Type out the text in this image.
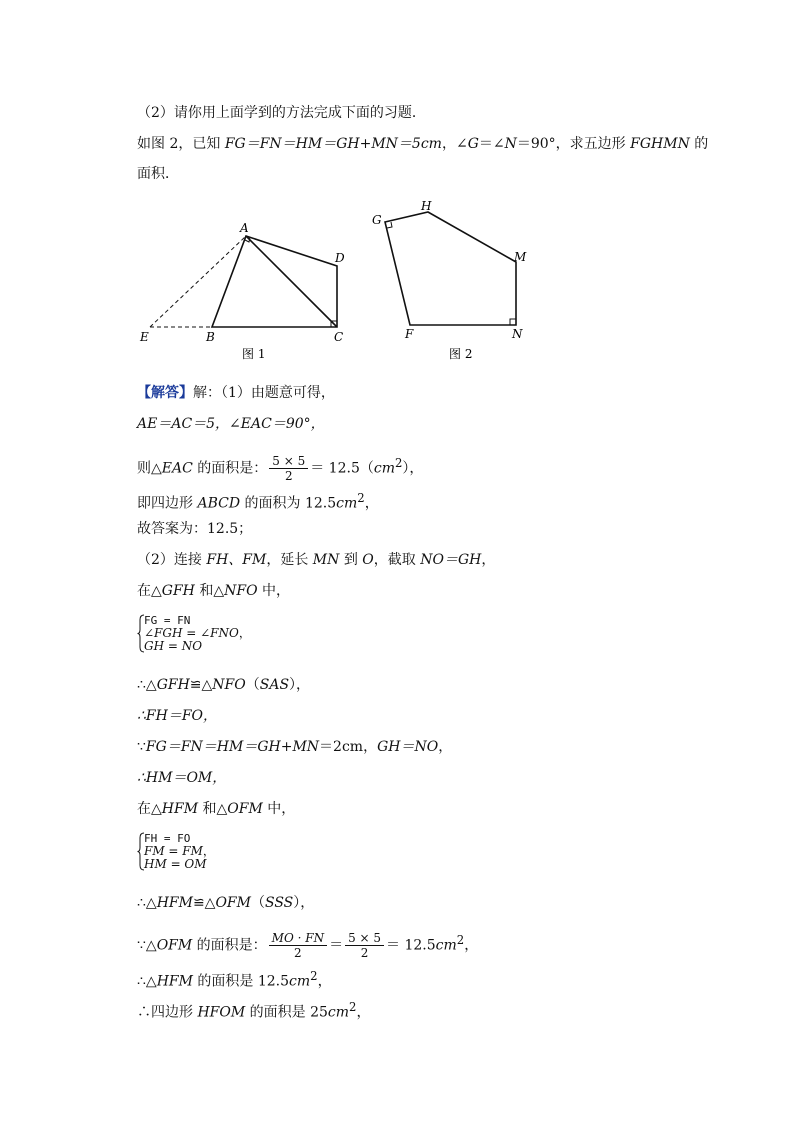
（2）请你用上面学到的方法完成下面的习题．
如图 2，已知 FG＝FN＝HM＝GH+MN＝5cm，∠G＝∠N＝90°，求五边形 FGHMN 的
面积．
A
D
E	B	C
图 1
G
H
M
F	N
图 2
【解答】解：（1）由题意可得，
AE＝AC＝5，∠EAC＝90°，
则△EAC 的面积是： $\frac{5 \times 5}{2} = 12.5(cm^2)$，
即四边形 ABCD 的面积为 $12.5cm^2$，
故答案为：12.5；
（2）连接 FH、FM，延长 MN 到 O，截取 NO＝GH，
在△GFH 和△NFO 中，
FG = FN
∠FGH = ∠FNO，
GH = NO
∴△GFH≌△NFO（SAS），
∴FH＝FO，
∵FG＝FN＝HM＝GH+MN＝2cm，GH＝NO，
∴HM＝OM，
在△HFM 和△OFM 中，
FH = FO
FM = FM，
HM = OM
∴△HFM≌△OFM（SSS），
∵△OFM 的面积是： $\frac{MO \cdot FN}{2} = \frac{5 \times 5}{2} = 12.5cm^2$，
∴△HFM 的面积是 $12.5cm^2$，
∴四边形 HFOM 的面积是 $25cm^2$，
